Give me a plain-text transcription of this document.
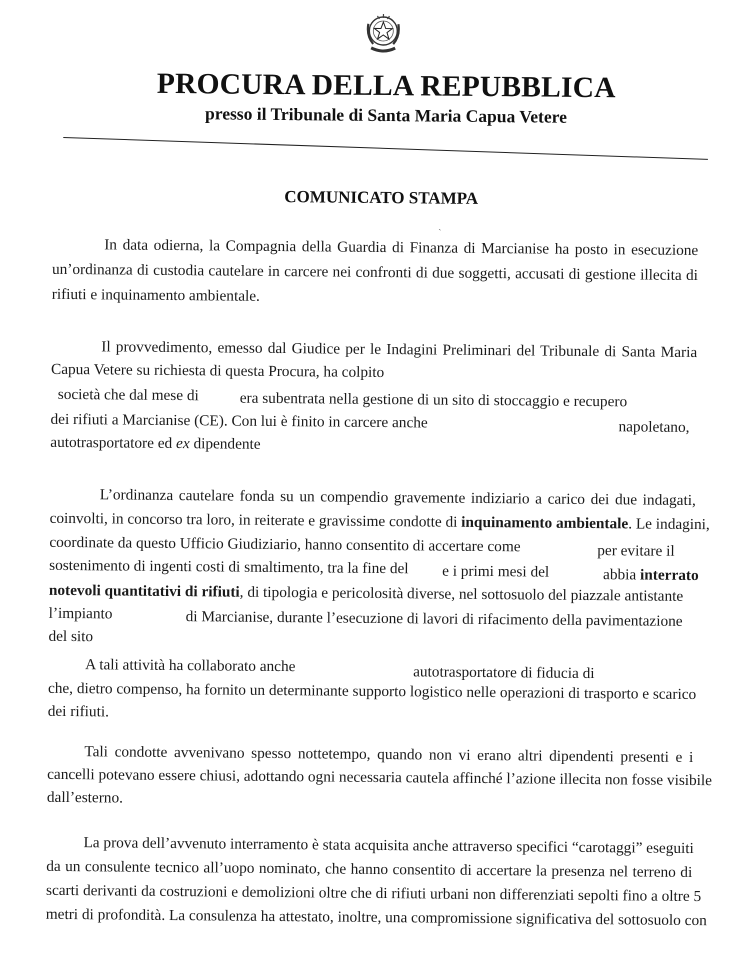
PROCURA DELLA REPUBBLICA
presso il Tribunale di Santa Maria Capua Vetere
COMUNICATO STAMPA
ˏ
In data odierna, la Compagnia della Guardia di Finanza di Marcianise ha posto in esecuzione
un’ordinanza di custodia cautelare in carcere nei confronti di due soggetti, accusati di gestione illecita di
rifiuti e inquinamento ambientale.
Il provvedimento, emesso dal Giudice per le Indagini Preliminari del Tribunale di Santa Maria
Capua Vetere su richiesta di questa Procura, ha colpito
società che dal mese di	era subentrata nella gestione di un sito di stoccaggio e recupero
dei rifiuti a Marcianise (CE). Con lui è finito in carcere anche	napoletano,
autotrasportatore ed ex dipendente
L’ordinanza cautelare fonda su un compendio gravemente indiziario a carico dei due indagati,
coinvolti, in concorso tra loro, in reiterate e gravissime condotte di inquinamento ambientale. Le indagini,
coordinate da questo Ufficio Giudiziario, hanno consentito di accertare come	per evitare il
sostenimento di ingenti costi di smaltimento, tra la fine del e i primi mesi del	abbia interrato
notevoli quantitativi di rifiuti, di tipologia e pericolosità diverse, nel sottosuolo del piazzale antistante
l’impianto	di Marcianise, durante l’esecuzione di lavori di rifacimento della pavimentazione
del sito
A tali attività ha collaborato anche	autotrasportatore di fiducia di
che, dietro compenso, ha fornito un determinante supporto logistico nelle operazioni di trasporto e scarico
dei rifiuti.
Tali condotte avvenivano spesso nottetempo, quando non vi erano altri dipendenti presenti e i
cancelli potevano essere chiusi, adottando ogni necessaria cautela affinché l’azione illecita non fosse visibile
dall’esterno.
La prova dell’avvenuto interramento è stata acquisita anche attraverso specifici “carotaggi” eseguiti
da un consulente tecnico all’uopo nominato, che hanno consentito di accertare la presenza nel terreno di
scarti derivanti da costruzioni e demolizioni oltre che di rifiuti urbani non differenziati sepolti fino a oltre 5
metri di profondità. La consulenza ha attestato, inoltre, una compromissione significativa del sottosuolo con
